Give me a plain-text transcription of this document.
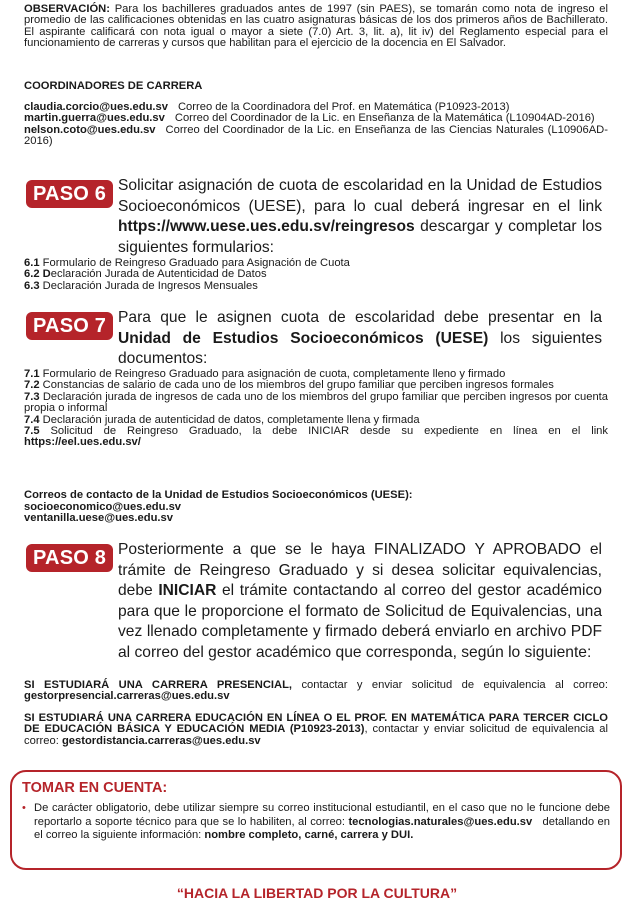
OBSERVACIÓN: Para los bachilleres graduados antes de 1997 (sin PAES), se tomarán como nota de ingreso el promedio de las calificaciones obtenidas en las cuatro asignaturas básicas de los dos primeros años de Bachillerato. El aspirante calificará con nota igual o mayor a siete (7.0) Art. 3, lit. a), lit iv) del Reglamento especial para el funcionamiento de carreras y cursos que habilitan para el ejercicio de la docencia en El Salvador.
COORDINADORES DE CARRERA
claudia.corcio@ues.edu.sv Correo de la Coordinadora del Prof. en Matemática (P10923-2013)
martin.guerra@ues.edu.sv Correo del Coordinador de la Lic. en Enseñanza de la Matemática (L10904AD-2016)
nelson.coto@ues.edu.sv Correo del Coordinador de la Lic. en Enseñanza de las Ciencias Naturales (L10906AD-2016)
PASO 6 Solicitar asignación de cuota de escolaridad en la Unidad de Estudios Socioeconómicos (UESE), para lo cual deberá ingresar en el link https://www.uese.ues.edu.sv/reingresos descargar y completar los siguientes formularios:
6.1 Formulario de Reingreso Graduado para Asignación de Cuota
6.2 Declaración Jurada de Autenticidad de Datos
6.3 Declaración Jurada de Ingresos Mensuales
PASO 7 Para que le asignen cuota de escolaridad debe presentar en la Unidad de Estudios Socioeconómicos (UESE) los siguientes documentos:
7.1 Formulario de Reingreso Graduado para asignación de cuota, completamente lleno y firmado
7.2 Constancias de salario de cada uno de los miembros del grupo familiar que perciben ingresos formales
7.3 Declaración jurada de ingresos de cada uno de los miembros del grupo familiar que perciben ingresos por cuenta propia o informal
7.4 Declaración jurada de autenticidad de datos, completamente llena y firmada
7.5 Solicitud de Reingreso Graduado, la debe INICIAR desde su expediente en línea en el link https://eel.ues.edu.sv/
Correos de contacto de la Unidad de Estudios Socioeconómicos (UESE):
socioeconomico@ues.edu.sv
ventanilla.uese@ues.edu.sv
PASO 8 Posteriormente a que se le haya FINALIZADO Y APROBADO el trámite de Reingreso Graduado y si desea solicitar equivalencias, debe INICIAR el trámite contactando al correo del gestor académico para que le proporcione el formato de Solicitud de Equivalencias, una vez llenado completamente y firmado deberá enviarlo en archivo PDF al correo del gestor académico que corresponda, según lo siguiente:
SI ESTUDIARÁ UNA CARRERA PRESENCIAL, contactar y enviar solicitud de equivalencia al correo: gestorpresencial.carreras@ues.edu.sv
SI ESTUDIARÁ UNA CARRERA EDUCACIÓN EN LÍNEA O EL PROF. EN MATEMÁTICA PARA TERCER CICLO DE EDUCACIÓN BÁSICA Y EDUCACIÓN MEDIA (P10923-2013), contactar y enviar solicitud de equivalencia al correo: gestordistancia.carreras@ues.edu.sv
TOMAR EN CUENTA:
• De carácter obligatorio, debe utilizar siempre su correo institucional estudiantil, en el caso que no le funcione debe reportarlo a soporte técnico para que se lo habiliten, al correo: tecnologias.naturales@ues.edu.sv   detallando en el correo la siguiente información: nombre completo, carné, carrera y DUI.
“HACIA LA LIBERTAD POR LA CULTURA”
